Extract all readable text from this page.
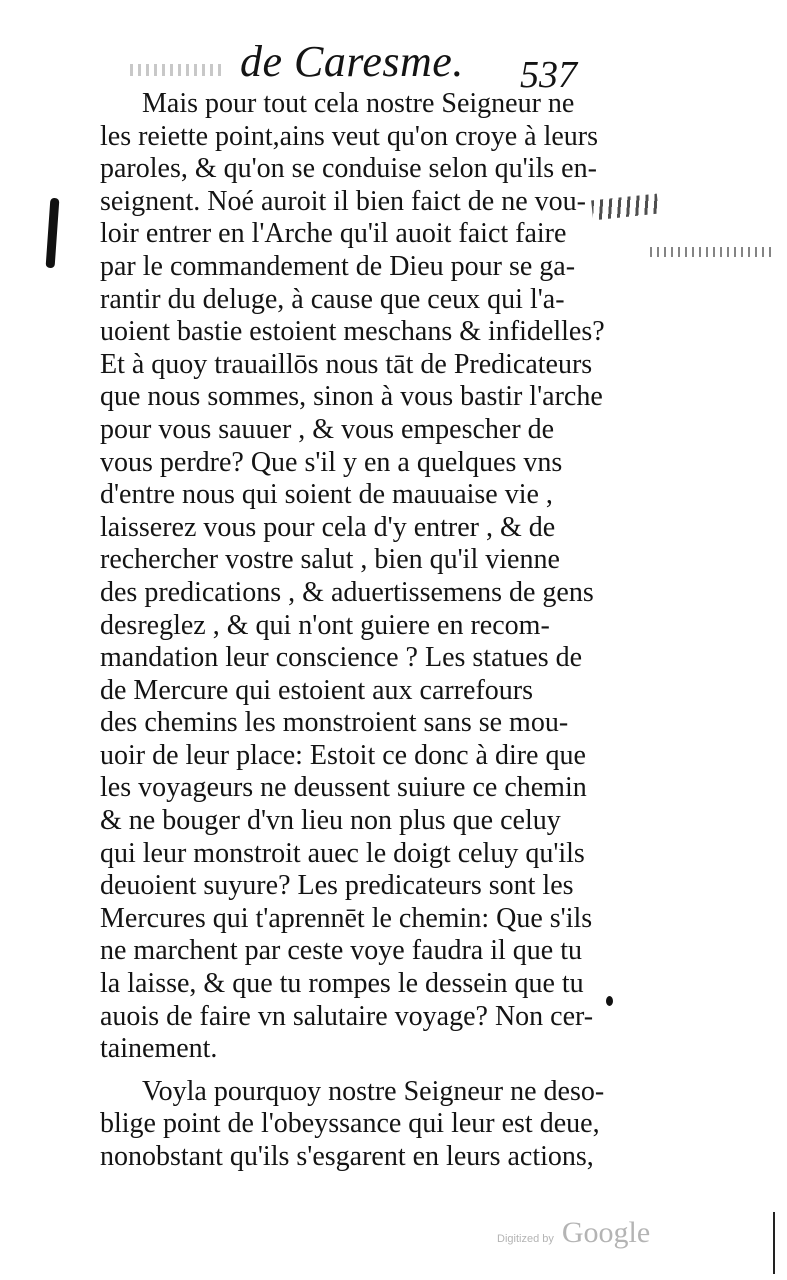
de Caresme. 537
Mais pour tout cela nostre Seigneur ne
les reiette point,ains veut qu'on croye à leurs
paroles, & qu'on se conduise selon qu'ils en-
seignent. Noé auroit il bien faict de ne vou-
loir entrer en l'Arche qu'il auoit faict faire
par le commandement de Dieu pour se ga-
rantir du deluge, à cause que ceux qui l'a-
uoient bastie estoient meschans & infidelles?
Et à quoy trauaillōs nous tāt de Predicateurs
que nous sommes, sinon à vous bastir l'arche
pour vous sauuer , & vous empescher de
vous perdre? Que s'il y en a quelques vns
d'entre nous qui soient de mauuaise vie ,
laisserez vous pour cela d'y entrer , & de
rechercher vostre salut , bien qu'il vienne
des predications , & aduertissemens de gens
desreglez , & qui n'ont guiere en recom-
mandation leur conscience ? Les statues de
de Mercure qui estoient aux carrefours
des chemins les monstroient sans se mou-
uoir de leur place: Estoit ce donc à dire que
les voyageurs ne deussent suiure ce chemin
& ne bouger d'vn lieu non plus que celuy
qui leur monstroit auec le doigt celuy qu'ils
deuoient suyure? Les predicateurs sont les
Mercures qui t'aprennēt le chemin: Que s'ils
ne marchent par ceste voye faudra il que tu
la laisse, & que tu rompes le dessein que tu
auois de faire vn salutaire voyage? Non cer-
tainement.
Voyla pourquoy nostre Seigneur ne deso-
blige point de l'obeyssance qui leur est deue,
nonobstant qu'ils s'esgarent en leurs actions,
Digitized by Google
